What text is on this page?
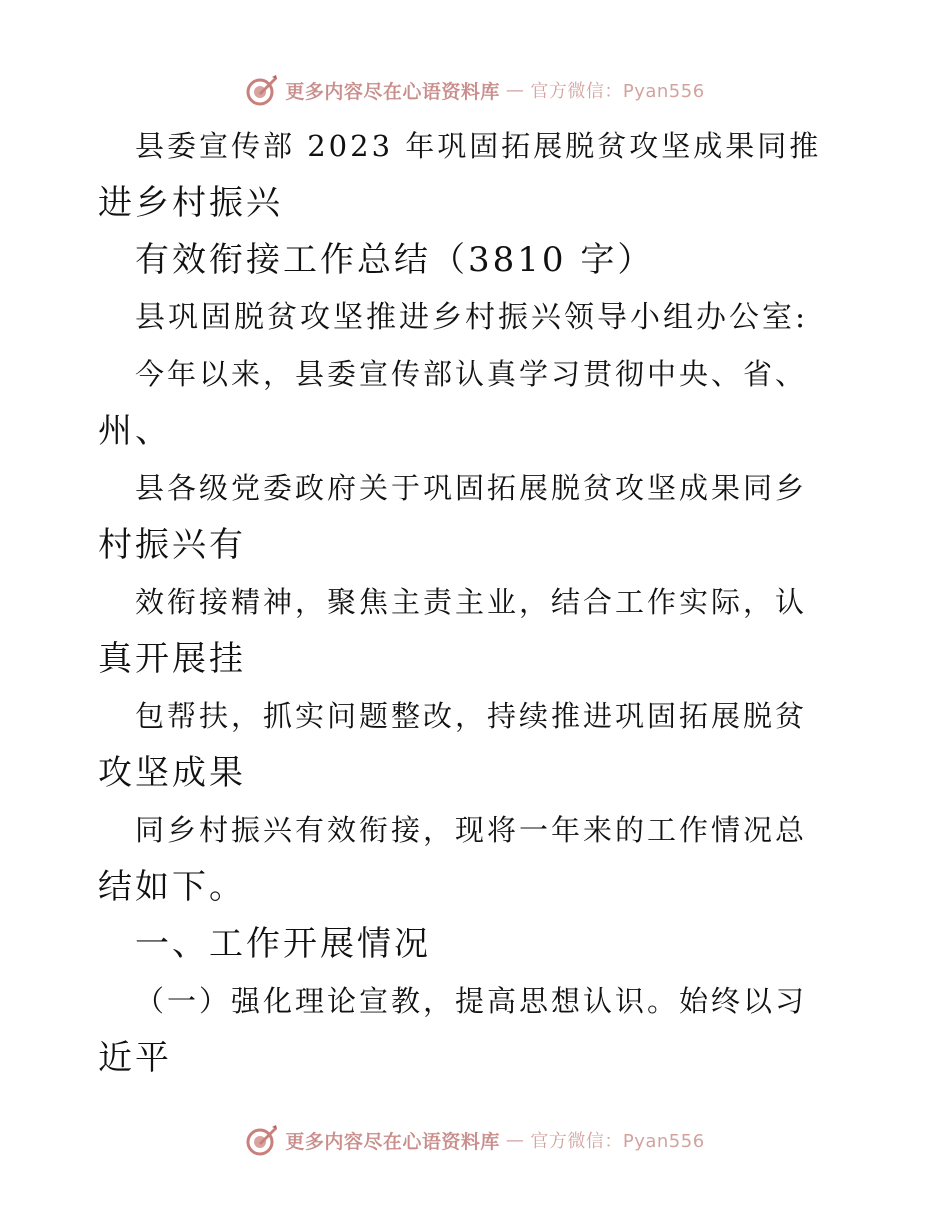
更多内容尽在心语资料库 — 官方微信：Pyan556
县委宣传部 2023 年巩固拓展脱贫攻坚成果同推
进乡村振兴
有效衔接工作总结（3810 字）
县巩固脱贫攻坚推进乡村振兴领导小组办公室:
今年以来，县委宣传部认真学习贯彻中央、省、
州、
县各级党委政府关于巩固拓展脱贫攻坚成果同乡
村振兴有
效衔接精神，聚焦主责主业，结合工作实际，认
真开展挂
包帮扶，抓实问题整改，持续推进巩固拓展脱贫
攻坚成果
同乡村振兴有效衔接，现将一年来的工作情况总
结如下。
一、工作开展情况
（一）强化理论宣教，提高思想认识。始终以习
近平
更多内容尽在心语资料库 — 官方微信：Pyan556
